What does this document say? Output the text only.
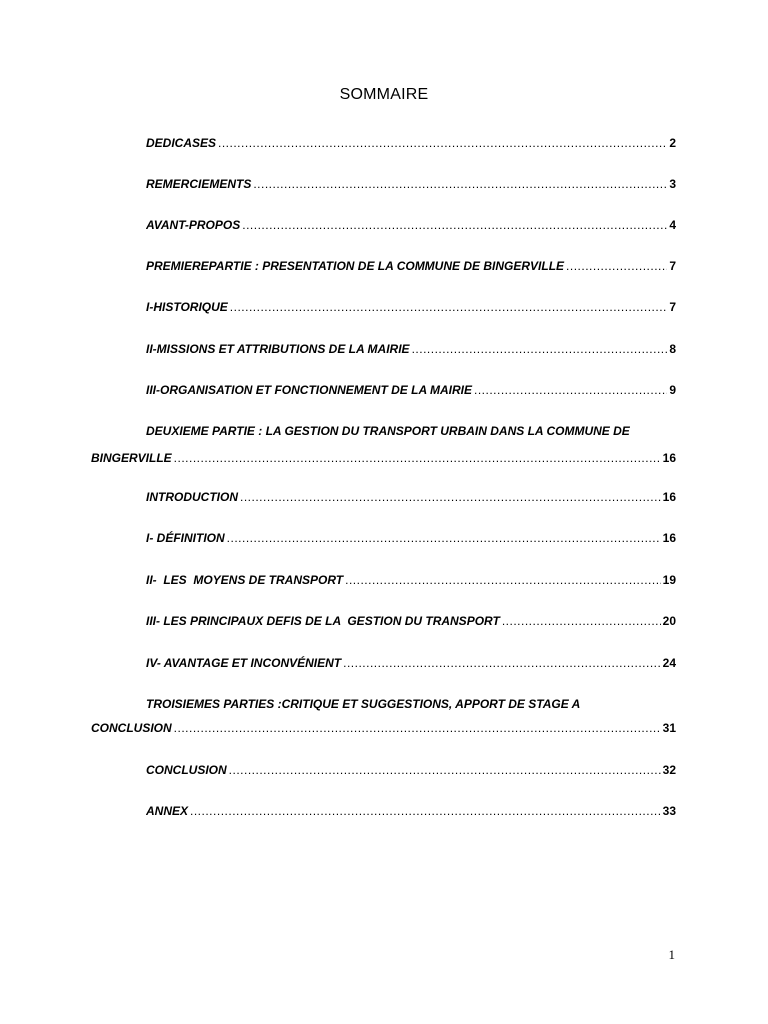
SOMMAIRE
DEDICASES .....	2
REMERCIEMENTS .....	3
AVANT-PROPOS .....	4
PREMIEREPARTIE : PRESENTATION DE LA COMMUNE DE BINGERVILLE .....	7
I-HISTORIQUE .....	7
II-MISSIONS ET ATTRIBUTIONS DE LA MAIRIE .....	8
III-ORGANISATION ET FONCTIONNEMENT DE LA MAIRIE .....	9
DEUXIEME PARTIE : LA GESTION DU TRANSPORT URBAIN DANS LA COMMUNE DE
BINGERVILLE .....	16
INTRODUCTION .....	16
I- DÉFINITION .....	16
II-  LES  MOYENS DE TRANSPORT .....	19
III- LES PRINCIPAUX DEFIS DE LA  GESTION DU TRANSPORT .....	20
IV- AVANTAGE ET INCONVÉNIENT .....	24
TROISIEMES PARTIES :CRITIQUE ET SUGGESTIONS, APPORT DE STAGE A
CONCLUSION .....	31
CONCLUSION .....	32
ANNEX .....	33
1
